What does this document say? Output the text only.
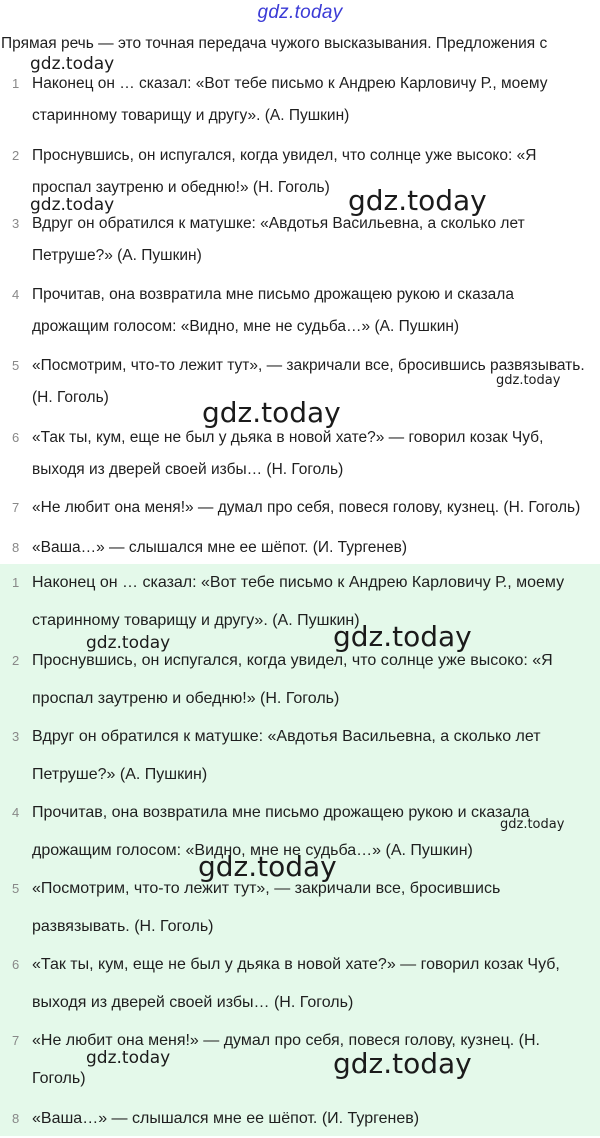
gdz.today
Прямая речь — это точная передача чужого высказывания. Предложения с
1 Наконец он … сказал: «Вот тебе письмо к Андрею Карловичу Р., моему старинному товарищу и другу». (А. Пушкин)
2 Проснувшись, он испугался, когда увидел, что солнце уже высоко: «Я проспал заутреню и обедню!» (Н. Гоголь)
3 Вдруг он обратился к матушке: «Авдотья Васильевна, а сколько лет Петруше?» (А. Пушкин)
4 Прочитав, она возвратила мне письмо дрожащею рукою и сказала дрожащим голосом: «Видно, мне не судьба…» (А. Пушкин)
5 «Посмотрим, что-то лежит тут», — закричали все, бросившись развязывать. (Н. Гоголь)
6 «Так ты, кум, еще не был у дьяка в новой хате?» — говорил козак Чуб, выходя из дверей своей избы… (Н. Гоголь)
7 «Не любит она меня!» — думал про себя, повеся голову, кузнец. (Н. Гоголь)
8 «Ваша…» — слышался мне ее шёпот. (И. Тургенев)
1 Наконец он … сказал: «Вот тебе письмо к Андрею Карловичу Р., моему старинному товарищу и другу». (А. Пушкин)
2 Проснувшись, он испугался, когда увидел, что солнце уже высоко: «Я проспал заутреню и обедню!» (Н. Гоголь)
3 Вдруг он обратился к матушке: «Авдотья Васильевна, а сколько лет Петруше?» (А. Пушкин)
4 Прочитав, она возвратила мне письмо дрожащею рукою и сказала дрожащим голосом: «Видно, мне не судьба…» (А. Пушкин)
5 «Посмотрим, что-то лежит тут», — закричали все, бросившись развязывать. (Н. Гоголь)
6 «Так ты, кум, еще не был у дьяка в новой хате?» — говорил козак Чуб, выходя из дверей своей избы… (Н. Гоголь)
7 «Не любит она меня!» — думал про себя, повеся голову, кузнец. (Н. Гоголь)
8 «Ваша…» — слышался мне ее шёпот. (И. Тургенев)
gdz.today
gdz.today	gdz.today
gdz.today
gdz.today
gdz.today	gdz.today
gdz.today
gdz.today
gdz.today	gdz.today
